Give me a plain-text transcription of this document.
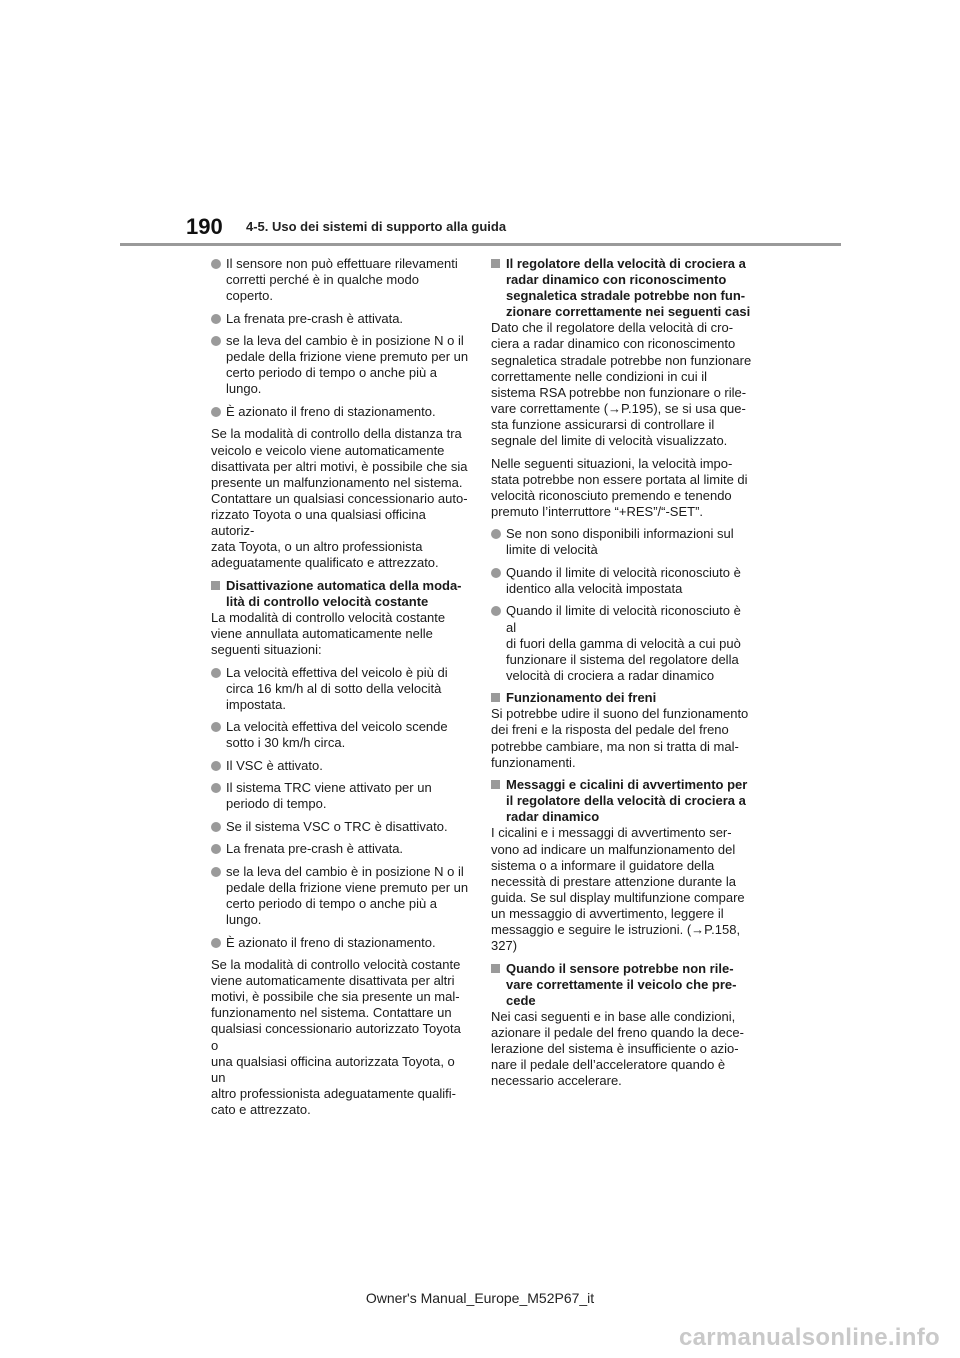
190 4-5. Uso dei sistemi di supporto alla guida
Il sensore non può effettuare rilevamenti
corretti perché è in qualche modo coperto.
La frenata pre-crash è attivata.
se la leva del cambio è in posizione N o il
pedale della frizione viene premuto per un
certo periodo di tempo o anche più a
lungo.
È azionato il freno di stazionamento.
Se la modalità di controllo della distanza tra
veicolo e veicolo viene automaticamente
disattivata per altri motivi, è possibile che sia
presente un malfunzionamento nel sistema.
Contattare un qualsiasi concessionario auto-
rizzato Toyota o una qualsiasi officina autoriz-
zata Toyota, o un altro professionista
adeguatamente qualificato e attrezzato.
Disattivazione automatica della moda-
lità di controllo velocità costante
La modalità di controllo velocità costante
viene annullata automaticamente nelle
seguenti situazioni:
La velocità effettiva del veicolo è più di
circa 16 km/h al di sotto della velocità
impostata.
La velocità effettiva del veicolo scende
sotto i 30 km/h circa.
Il VSC è attivato.
Il sistema TRC viene attivato per un
periodo di tempo.
Se il sistema VSC o TRC è disattivato.
La frenata pre-crash è attivata.
se la leva del cambio è in posizione N o il
pedale della frizione viene premuto per un
certo periodo di tempo o anche più a
lungo.
È azionato il freno di stazionamento.
Se la modalità di controllo velocità costante
viene automaticamente disattivata per altri
motivi, è possibile che sia presente un mal-
funzionamento nel sistema. Contattare un
qualsiasi concessionario autorizzato Toyota o
una qualsiasi officina autorizzata Toyota, o un
altro professionista adeguatamente qualifi-
cato e attrezzato.
Il regolatore della velocità di crociera a
radar dinamico con riconoscimento
segnaletica stradale potrebbe non fun-
zionare correttamente nei seguenti casi
Dato che il regolatore della velocità di cro-
ciera a radar dinamico con riconoscimento
segnaletica stradale potrebbe non funzionare
correttamente nelle condizioni in cui il
sistema RSA potrebbe non funzionare o rile-
vare correttamente (→P.195), se si usa que-
sta funzione assicurarsi di controllare il
segnale del limite di velocità visualizzato.
Nelle seguenti situazioni, la velocità impo-
stata potrebbe non essere portata al limite di
velocità riconosciuto premendo e tenendo
premuto l’interruttore “+RES”/“-SET”.
Se non sono disponibili informazioni sul
limite di velocità
Quando il limite di velocità riconosciuto è
identico alla velocità impostata
Quando il limite di velocità riconosciuto è al
di fuori della gamma di velocità a cui può
funzionare il sistema del regolatore della
velocità di crociera a radar dinamico
Funzionamento dei freni
Si potrebbe udire il suono del funzionamento
dei freni e la risposta del pedale del freno
potrebbe cambiare, ma non si tratta di mal-
funzionamenti.
Messaggi e cicalini di avvertimento per
il regolatore della velocità di crociera a
radar dinamico
I cicalini e i messaggi di avvertimento ser-
vono ad indicare un malfunzionamento del
sistema o a informare il guidatore della
necessità di prestare attenzione durante la
guida. Se sul display multifunzione compare
un messaggio di avvertimento, leggere il
messaggio e seguire le istruzioni. (→P.158,
327)
Quando il sensore potrebbe non rile-
vare correttamente il veicolo che pre-
cede
Nei casi seguenti e in base alle condizioni,
azionare il pedale del freno quando la dece-
lerazione del sistema è insufficiente o azio-
nare il pedale dell’acceleratore quando è
necessario accelerare.
Owner's Manual_Europe_M52P67_it
carmanualsonline.info
